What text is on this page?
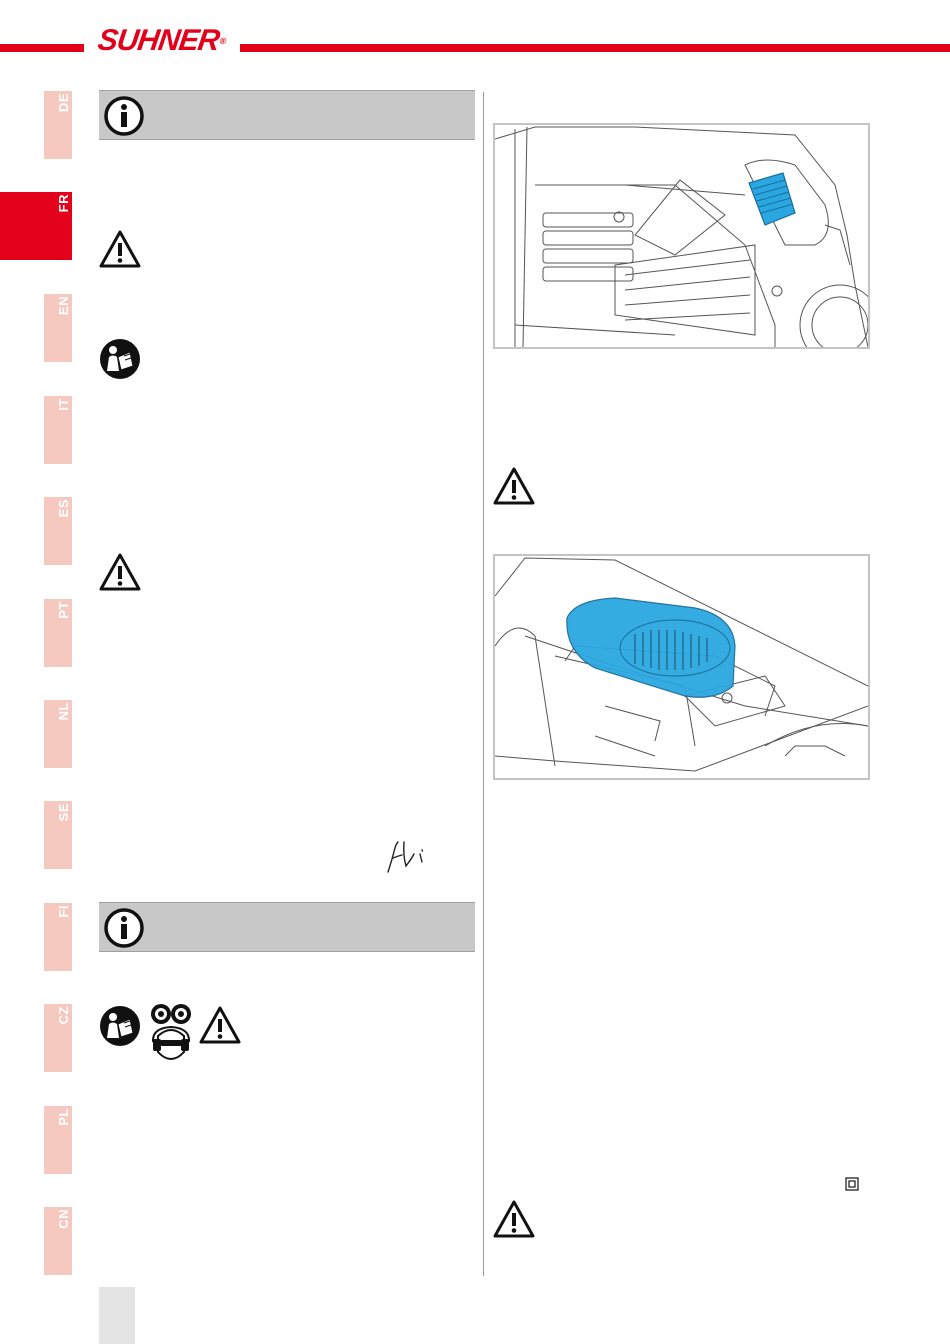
SUHNER®
DE
FR
EN
IT
ES
PT
NL
SE
FI
CZ
PL
CN
